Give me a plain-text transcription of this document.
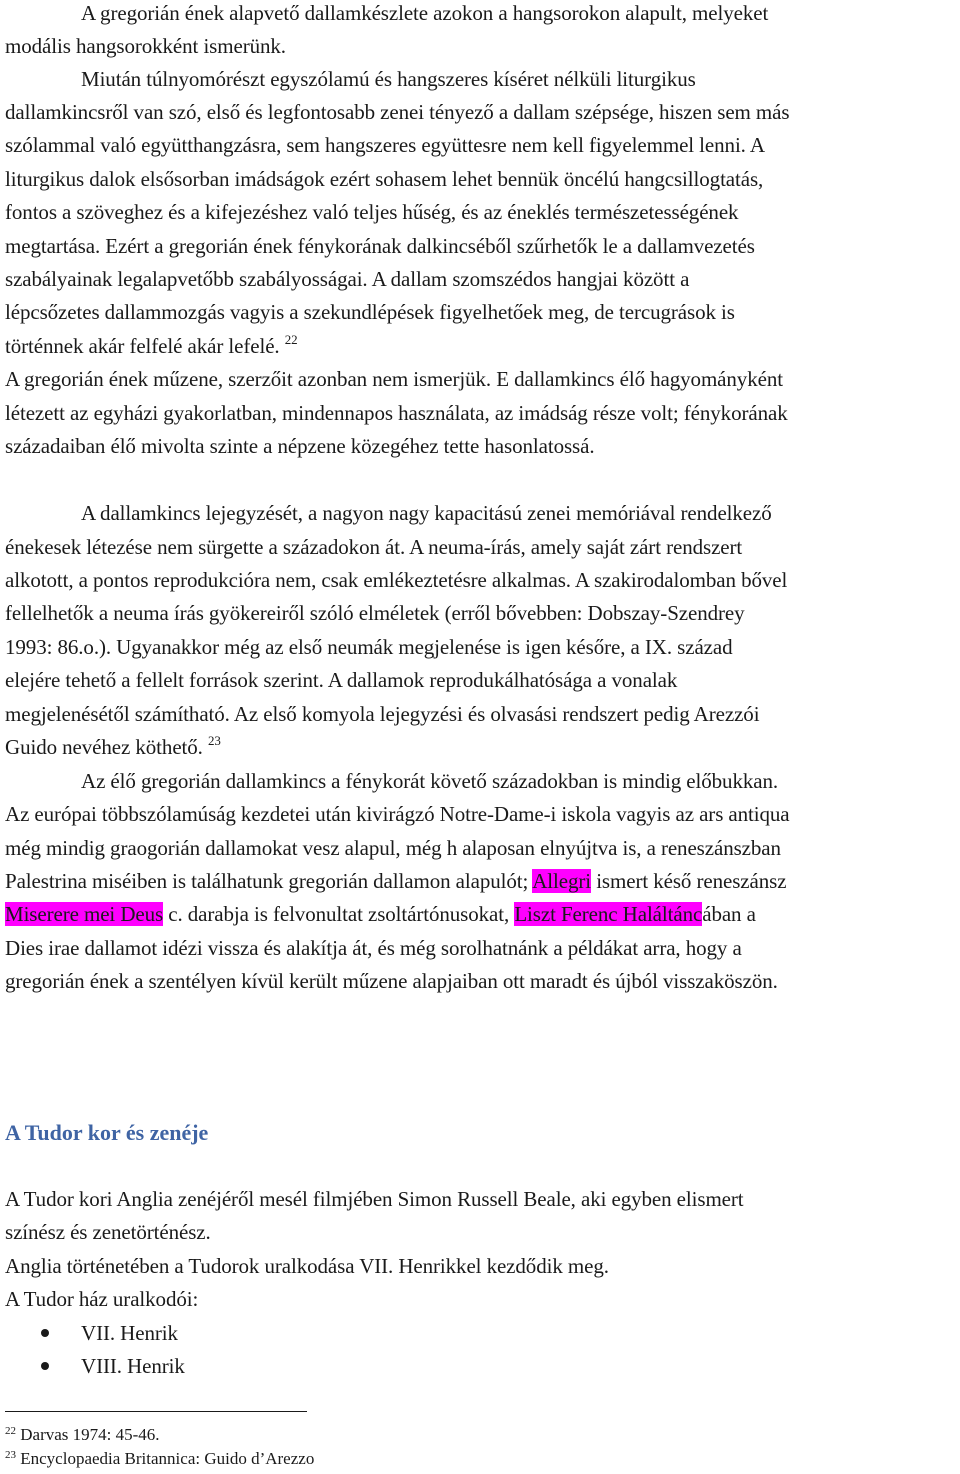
A gregorián ének alapvető dallamkészlete azokon a hangsorokon alapult, melyeket
modális hangsorokként ismerünk.
Miután túlnyomórészt egyszólamú és hangszeres kíséret nélküli liturgikus
dallamkincsről van szó, első és legfontosabb zenei tényező a dallam szépsége, hiszen sem más
szólammal való együtthangzásra, sem hangszeres együttesre nem kell figyelemmel lenni. A
liturgikus dalok elsősorban imádságok ezért sohasem lehet bennük öncélú hangcsillogtatás,
fontos a szöveghez és a kifejezéshez való teljes hűség, és az éneklés természetességének
megtartása. Ezért a gregorián ének fénykorának dalkincséből szűrhetők le a dallamvezetés
szabályainak legalapvetőbb szabályosságai. A dallam szomszédos hangjai között a
lépcsőzetes dallammozgás vagyis a szekundlépések figyelhetőek meg, de tercugrások is
történnek akár felfelé akár lefelé. $^{22}$
A gregorián ének műzene, szerzőit azonban nem ismerjük. E dallamkincs élő hagyományként
létezett az egyházi gyakorlatban, mindennapos használata, az imádság része volt; fénykorának
századaiban élő mivolta szinte a népzene közegéhez tette hasonlatossá.
A dallamkincs lejegyzését, a nagyon nagy kapacitású zenei memóriával rendelkező
énekesek létezése nem sürgette a századokon át. A neuma-írás, amely saját zárt rendszert
alkotott, a pontos reprodukcióra nem, csak emlékeztetésre alkalmas. A szakirodalomban bővel
fellelhetők a neuma írás gyökereiről szóló elméletek (erről bővebben: Dobszay-Szendrey
1993: 86.o.). Ugyanakkor még az első neumák megjelenése is igen későre, a IX. század
elejére tehető a fellelt források szerint. A dallamok reprodukálhatósága a vonalak
megjelenésétől számítható. Az első komyola lejegyzési és olvasási rendszert pedig Arezzói
Guido nevéhez köthető. $^{23}$
Az élő gregorián dallamkincs a fénykorát követő századokban is mindig előbukkan.
Az európai többszólamúság kezdetei után kivirágzó Notre-Dame-i iskola vagyis az ars antiqua
még mindig graogorián dallamokat vesz alapul, még h alaposan elnyújtva is, a reneszánszban
Palestrina miséiben is találhatunk gregorián dallamon alapulót; Allegri ismert késő reneszánsz
Miserere mei Deus c. darabja is felvonultat zsoltártónusokat, Liszt Ferenc Haláltáncában a
Dies irae dallamot idézi vissza és alakítja át, és még sorolhatnánk a példákat arra, hogy a
gregorián ének a szentélyen kívül került műzene alapjaiban ott maradt és újból visszaköszön.
A Tudor kor és zenéje
A Tudor kori Anglia zenéjéről mesél filmjében Simon Russell Beale, aki egyben elismert
színész és zenetörténész.
Anglia történetében a Tudorok uralkodása VII. Henrikkel kezdődik meg.
A Tudor ház uralkodói:
VII. Henrik
VIII. Henrik
$^{22}$ Darvas 1974: 45-46.
$^{23}$ Encyclopaedia Britannica: Guido d’Arezzo
